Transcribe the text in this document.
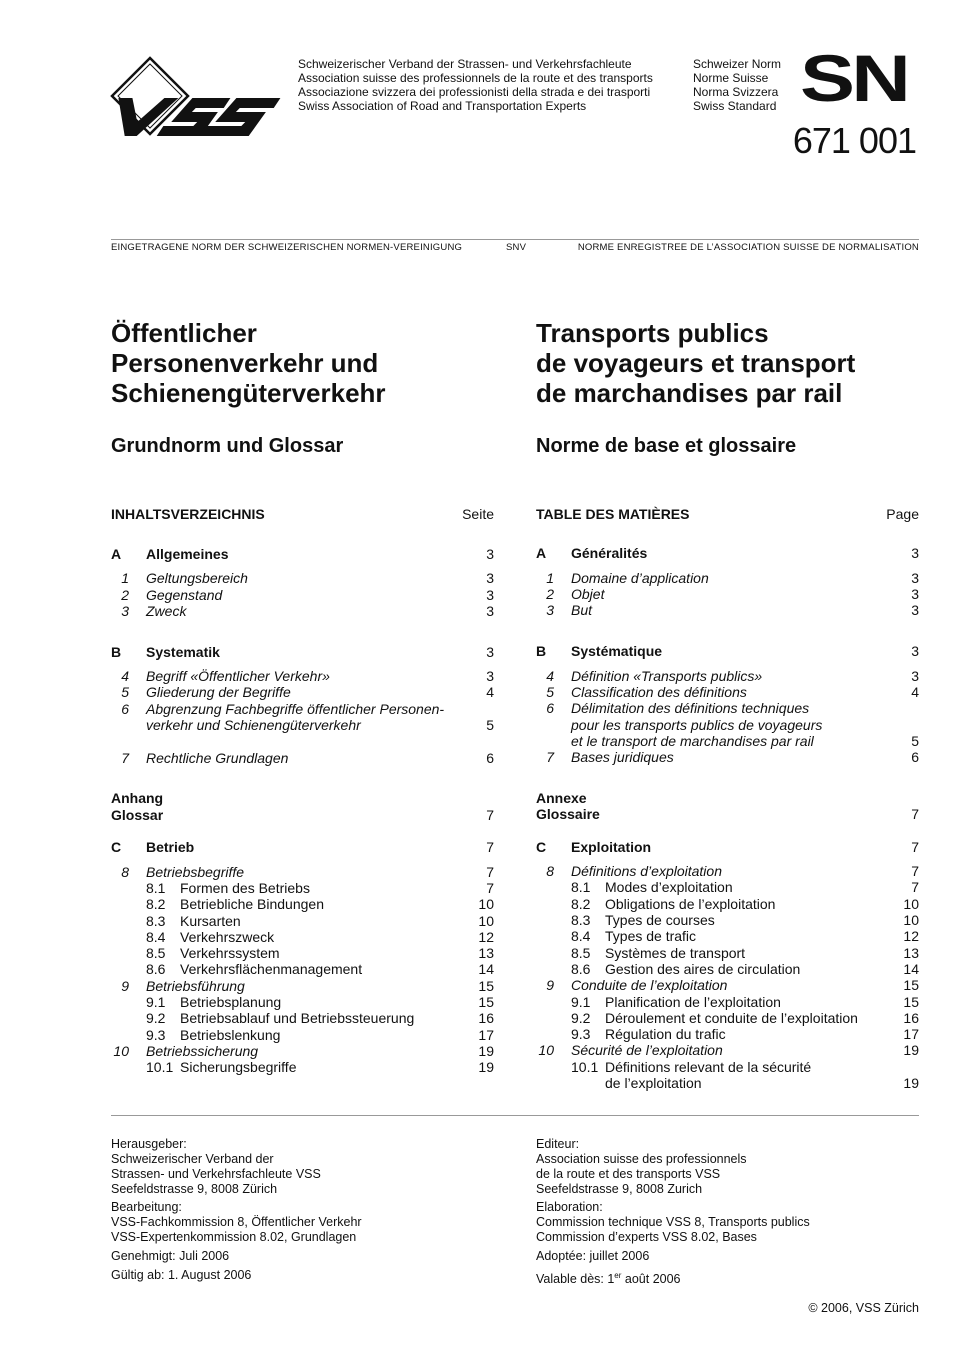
Schweizerischer Verband der Strassen- und Verkehrsfachleute
Association suisse des professionnels de la route et des transports
Associazione svizzera dei professionisti della strada e dei trasporti
Swiss Association of Road and Transportation Experts
Schweizer Norm
Norme Suisse
Norma Svizzera
Swiss Standard SN
671 001
EINGETRAGENE NORM DER SCHWEIZERISCHEN NORMEN-VEREINIGUNG	SNV	NORME ENREGISTREE DE L’ASSOCIATION SUISSE DE NORMALISATION
Öffentlicher
Personenverkehr und
Schienengüterverkehr
Transports publics
de voyageurs et transport
de marchandises par rail
Grundnorm und Glossar	Norme de base et glossaire
INHALTSVERZEICHNIS	Seite	TABLE DES MATIÈRES	Page
A Allgemeines	3
1 Geltungsbereich	3
2 Gegenstand	3
3 Zweck	3
B Systematik	3
4 Begriff «Öffentlicher Verkehr»	3
5 Gliederung der Begriffe	4
6 Abgrenzung Fachbegriffe öffentlicher Personen-
verkehr und Schienengüterverkehr	5
7 Rechtliche Grundlagen	6
Anhang
Glossar	7
C Betrieb	7
8 Betriebsbegriffe	7
8.1 Formen des Betriebs	7
8.2 Betriebliche Bindungen	10
8.3 Kursarten	10
8.4 Verkehrszweck	12
8.5 Verkehrssystem	13
8.6 Verkehrsflächenmanagement	14
9 Betriebsführung	15
9.1 Betriebsplanung	15
9.2 Betriebsablauf und Betriebssteuerung	16
9.3 Betriebslenkung	17
10 Betriebssicherung	19
10.1 Sicherungsbegriffe	19
A Généralités	3
1 Domaine d’application	3
2 Objet	3
3 But	3
B Systématique	3
4 Définition «Transports publics»	3
5 Classification des définitions	4
6 Délimitation des définitions techniques
pour les transports publics de voyageurs
et le transport de marchandises par rail	5
7 Bases juridiques	6
Annexe
Glossaire	7
C Exploitation	7
8 Définitions d’exploitation	7
8.1 Modes d’exploitation	7
8.2 Obligations de l’exploitation	10
8.3 Types de courses	10
8.4 Types de trafic	12
8.5 Systèmes de transport	13
8.6 Gestion des aires de circulation	14
9 Conduite de l’exploitation	15
9.1 Planification de l’exploitation	15
9.2 Déroulement et conduite de l’exploitation	16
9.3 Régulation du trafic	17
10 Sécurité de l’exploitation	19
10.1 Définitions relevant de la sécurité
de l’exploitation	19
Herausgeber:
Schweizerischer Verband der
Strassen- und Verkehrsfachleute VSS
Seefeldstrasse 9, 8008 Zürich
Bearbeitung:
VSS-Fachkommission 8, Öffentlicher Verkehr
VSS-Expertenkommission 8.02, Grundlagen
Genehmigt: Juli 2006
Gültig ab: 1. August 2006
Editeur:
Association suisse des professionnels
de la route et des transports VSS
Seefeldstrasse 9, 8008 Zurich
Elaboration:
Commission technique VSS 8, Transports publics
Commission d’experts VSS 8.02, Bases
Adoptée: juillet 2006
Valable dès: 1er août 2006
© 2006, VSS Zürich
